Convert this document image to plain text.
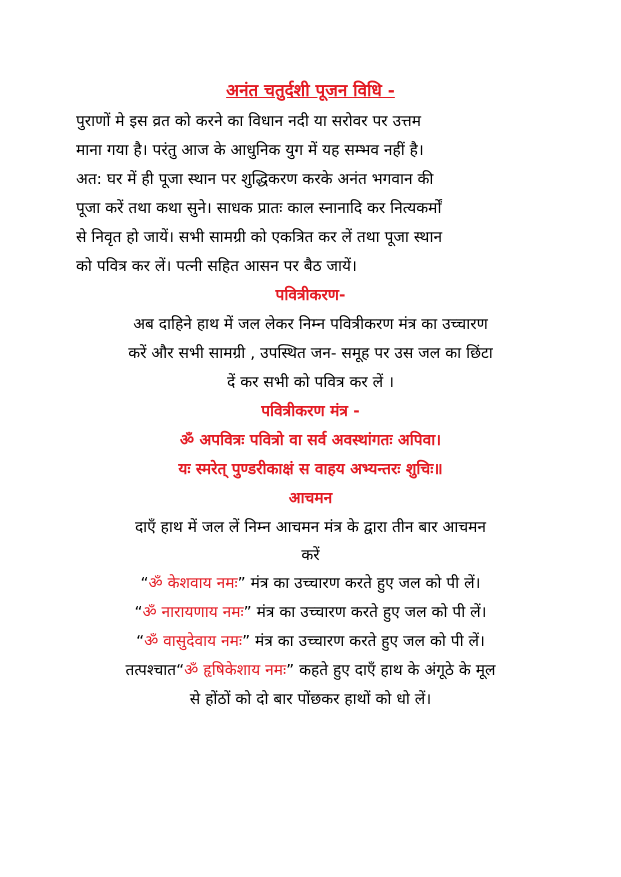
अनंत चतुर्दशी पूजन विधि -
पुराणों मे इस व्रत को करने का विधान नदी या सरोवर पर उत्तम
माना गया है। परंतु आज के आधुनिक युग में यह सम्भव नहीं है।
अत: घर में ही पूजा स्थान पर शुद्धिकरण करके अनंत भगवान की
पूजा करें तथा कथा सुने। साधक प्रातः काल स्नानादि कर नित्यकर्मों
से निवृत हो जायें। सभी सामग्री को एकत्रित कर लें तथा पूजा स्थान
को पवित्र कर लें। पत्नी सहित आसन पर बैठ जायें।
पवित्रीकरण-
अब दाहिने हाथ में जल लेकर निम्न पवित्रीकरण मंत्र का उच्चारण
करें और सभी सामग्री , उपस्थित जन- समूह पर उस जल का छिंटा
दें कर सभी को पवित्र कर लें ।
पवित्रीकरण मंत्र -
ॐ अपवित्रः पवित्रो वा सर्व अवस्थांगतः अपिवा।
यः स्मरेत् पुण्डरीकाक्षं स वाहय अभ्यन्तरः शुचिः॥
आचमन
दाएँ हाथ में जल लें निम्न आचमन मंत्र के द्वारा तीन बार आचमन
करें
“ॐ केशवाय नमः” मंत्र का उच्चारण करते हुए जल को पी लें।
“ॐ नारायणाय नमः” मंत्र का उच्चारण करते हुए जल को पी लें।
“ॐ वासुदेवाय नमः” मंत्र का उच्चारण करते हुए जल को पी लें।
तत्पश्चात“ॐ हृषिकेशाय नमः” कहते हुए दाएँ हाथ के अंगूठे के मूल
से होंठों को दो बार पोंछकर हाथों को धो लें।
